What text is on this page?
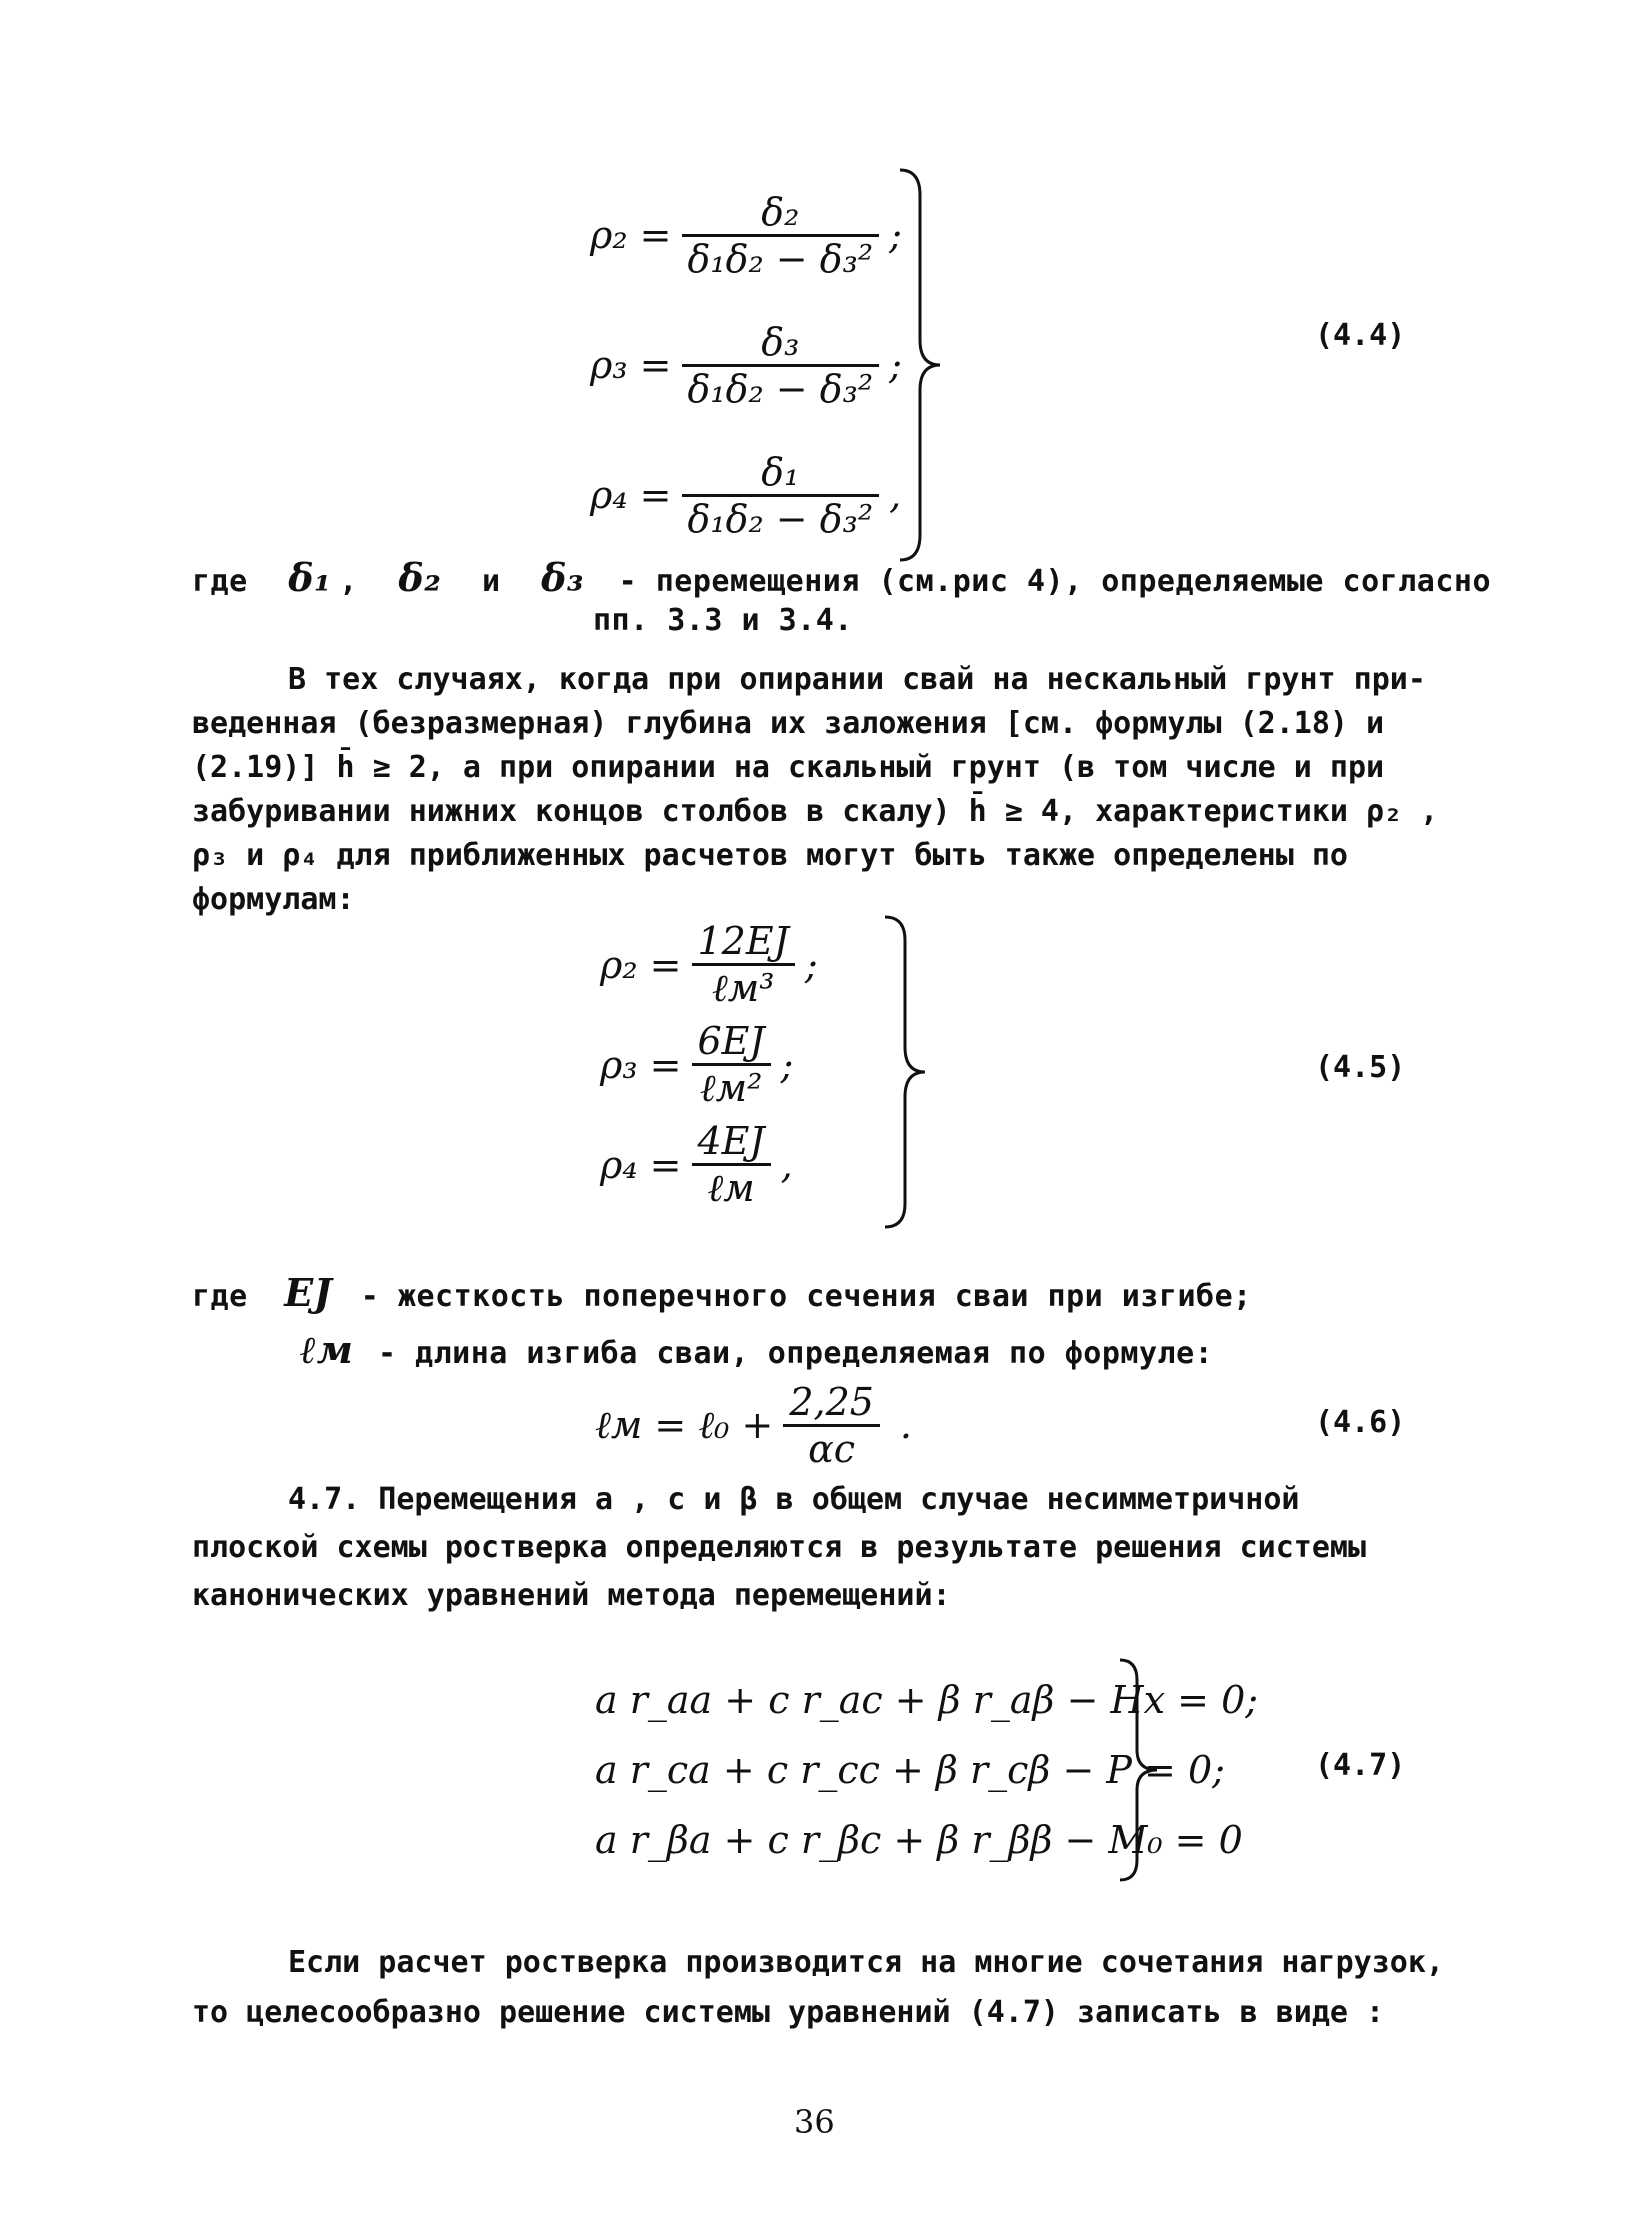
$\rho_2 = \frac{\text{δ₂}}{\text{δ₁δ₂ − δ₃²}}$ ;
$\rho_3 = \frac{\text{δ₃}}{\text{δ₁δ₂ − δ₃²}}$ ;
$\rho_4 = \frac{\text{δ₁}}{\text{δ₁δ₂ − δ₃²}}$ ,
(4.4)
где δ₁ , δ₂ и δ₃ - перемещения (см.рис 4), определяемые согласно
пп. 3.3 и 3.4.
В тех случаях, когда при опирании свай на нескальный грунт при-
веденная (безразмерная) глубина их заложения [см. формулы (2.18) и
(2.19)] h̄ ≥ 2, а при опирании на скальный грунт (в том числе и при
забуривании нижних концов столбов в скалу) h̄ ≥ 4, характеристики ρ₂ ,
ρ₃ и ρ₄ для приближенных расчетов могут быть также определены по
формулам:
$\rho_2 = \frac{12EJ}{\text{ℓм³}}$ ;
$\rho_3 = \frac{6EJ}{\text{ℓм²}}$ ;
$\rho_4 = \frac{4EJ}{\text{ℓм}}$ ,
(4.5)
где EJ - жесткость поперечного сечения сваи при изгибе;
ℓм - длина изгиба сваи, определяемая по формуле:
ℓм = ℓ₀ + $\frac{2,25}{\alpha c}$ .	(4.6)
4.7. Перемещения a , c и β в общем случае несимметричной
плоской схемы ростверка определяются в результате решения системы
канонических уравнений метода перемещений:
a r_aa + c r_ac + β r_aβ − Hx = 0;
a r_ca + c r_cc + β r_cβ − P = 0;
a r_βa + c r_βc + β r_ββ − M₀ = 0
(4.7)
Если расчет ростверка производится на многие сочетания нагрузок,
то целесообразно решение системы уравнений (4.7) записать в виде :
36
